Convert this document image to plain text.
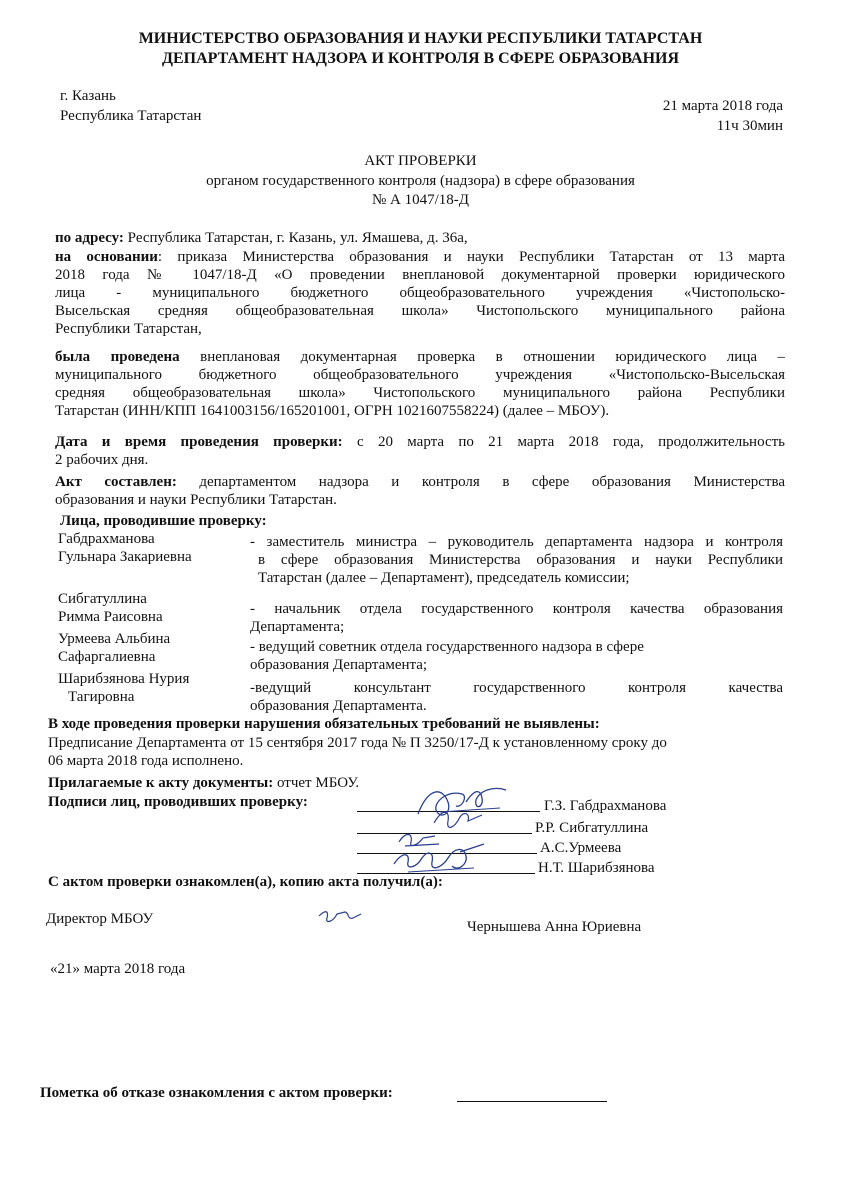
МИНИСТЕРСТВО ОБРАЗОВАНИЯ И НАУКИ РЕСПУБЛИКИ ТАТАРСТАН
ДЕПАРТАМЕНТ НАДЗОРА И КОНТРОЛЯ В СФЕРЕ ОБРАЗОВАНИЯ
г. Казань
Республика Татарстан
21 марта 2018 года
11ч 30мин
АКТ ПРОВЕРКИ
органом государственного контроля (надзора) в сфере образования
№ А 1047/18-Д
по адресу: Республика Татарстан, г. Казань, ул. Ямашева, д. 36а,
на основании: приказа Министерства образования и науки Республики Татарстан от 13 марта
2018 года № 1047/18-Д «О проведении внеплановой документарной проверки юридического
лица - муниципального бюджетного общеобразовательного учреждения «Чистопольско-
Высельская средняя общеобразовательная школа» Чистопольского муниципального района
Республики Татарстан,
была проведена внеплановая документарная проверка в отношении юридического лица –
муниципального бюджетного общеобразовательного учреждения «Чистопольско-Высельская
средняя общеобразовательная школа» Чистопольского муниципального района Республики
Татарстан (ИНН/КПП 1641003156/165201001, ОГРН 1021607558224) (далее – МБОУ).
Дата и время проведения проверки: с 20 марта по 21 марта 2018 года, продолжительность
2 рабочих дня.
Акт составлен: департаментом надзора и контроля в сфере образования Министерства
образования и науки Республики Татарстан.
Лица, проводившие проверку:
Габдрахманова
Гульнара Закариевна
- заместитель министра – руководитель департамента надзора и контроля
в сфере образования Министерства образования и науки Республики
Татарстан (далее – Департамент), председатель комиссии;
Сибгатуллина
Римма Раисовна	- начальник отдела государственного контроля качества образования
Департамента;
Урмеева Альбина
Сафаргалиевна
- ведущий советник отдела государственного надзора в сфере
образования Департамента;
Шарибзянова Нурия
Тагировна
-ведущий консультант государственного контроля качества
образования Департамента.
В ходе проведения проверки нарушения обязательных требований не выявлены:
Предписание Департамента от 15 сентября 2017 года № П 3250/17-Д к установленному сроку до
06 марта 2018 года исполнено.
Прилагаемые к акту документы: отчет МБОУ.
Подписи лиц, проводивших проверку:	Г.З. Габдрахманова
Р.Р. Сибгатуллина
А.С.Урмеева
Н.Т. Шарибзянова
С актом проверки ознакомлен(а), копию акта получил(а):
Директор МБОУ	Чернышева Анна Юриевна
«21» марта 2018 года
Пометка об отказе ознакомления с актом проверки:
